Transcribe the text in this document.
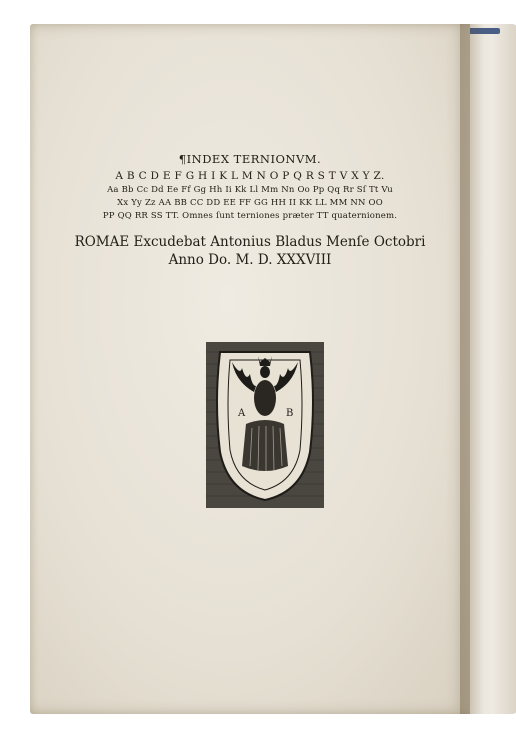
¶INDEX TERNIONVM.
A B C D E F G H I K L M N O P Q R S T V X Y Z.
Aa Bb Cc Dd Ee Ff Gg Hh Ii Kk Ll Mm Nn Oo Pp Qq Rr Sſ Tt Vu
Xx Yy Zz AA BB CC DD EE FF GG HH II KK LL MM NN OO
PP QQ RR SS TT. Omnes ſunt terniones præter TT quaternionem.
ROMAE Excudebat Antonius Bladus Menſe Octobri
Anno Do. M. D. XXXVIII
A	B
